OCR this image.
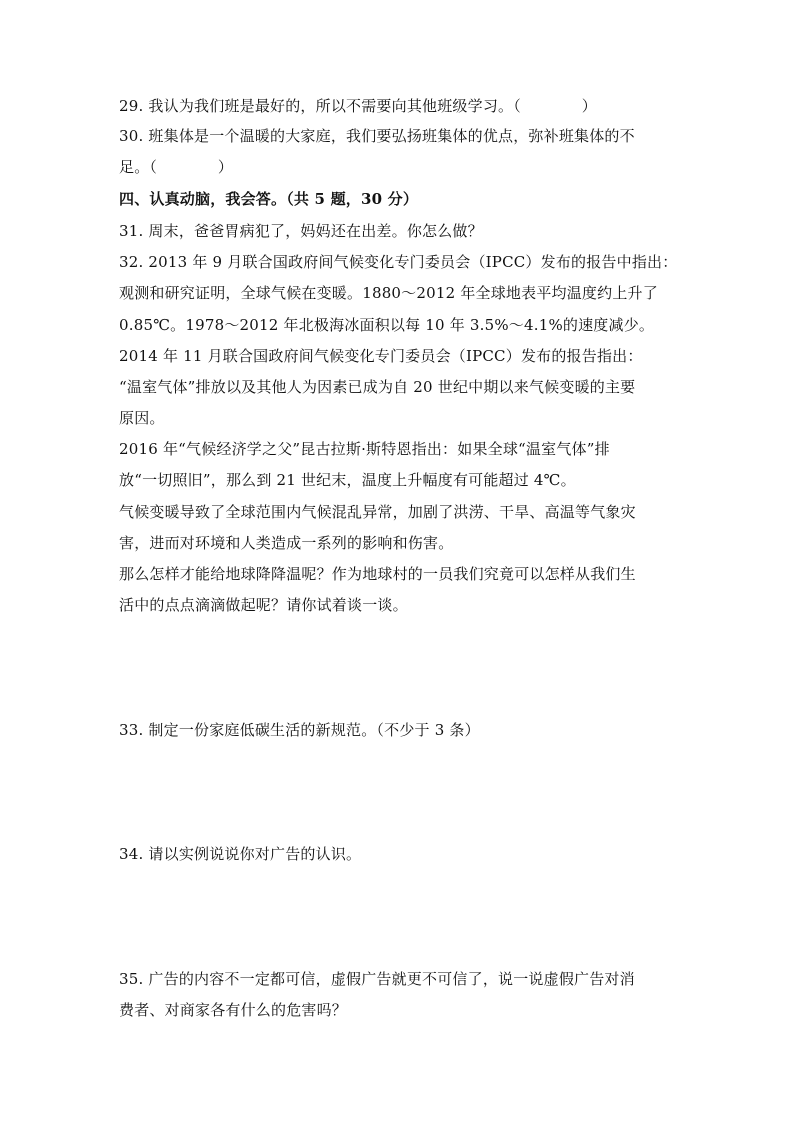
29. 我认为我们班是最好的，所以不需要向其他班级学习。（　　　　）
30. 班集体是一个温暖的大家庭，我们要弘扬班集体的优点，弥补班集体的不
足。（　　　　）
四、认真动脑，我会答。（共 5 题，30 分）
31. 周末，爸爸胃病犯了，妈妈还在出差。你怎么做？
32. 2013 年 9 月联合国政府间气候变化专门委员会（IPCC）发布的报告中指出：
观测和研究证明，全球气候在变暖。1880～2012 年全球地表平均温度约上升了
0.85℃。1978～2012 年北极海冰面积以每 10 年 3.5%～4.1%的速度减少。
2014 年 11 月联合国政府间气候变化专门委员会（IPCC）发布的报告指出：
“温室气体”排放以及其他人为因素已成为自 20 世纪中期以来气候变暖的主要
原因。
2016 年“气候经济学之父”昆古拉斯·斯特恩指出：如果全球“温室气体”排
放“一切照旧”，那么到 21 世纪末，温度上升幅度有可能超过 4℃。
气候变暖导致了全球范围内气候混乱异常，加剧了洪涝、干旱、高温等气象灾
害，进而对环境和人类造成一系列的影响和伤害。
那么怎样才能给地球降降温呢？作为地球村的一员我们究竟可以怎样从我们生
活中的点点滴滴做起呢？请你试着谈一谈。
33. 制定一份家庭低碳生活的新规范。（不少于 3 条）
34. 请以实例说说你对广告的认识。
35. 广告的内容不一定都可信，虚假广告就更不可信了，说一说虚假广告对消
费者、对商家各有什么的危害吗？
